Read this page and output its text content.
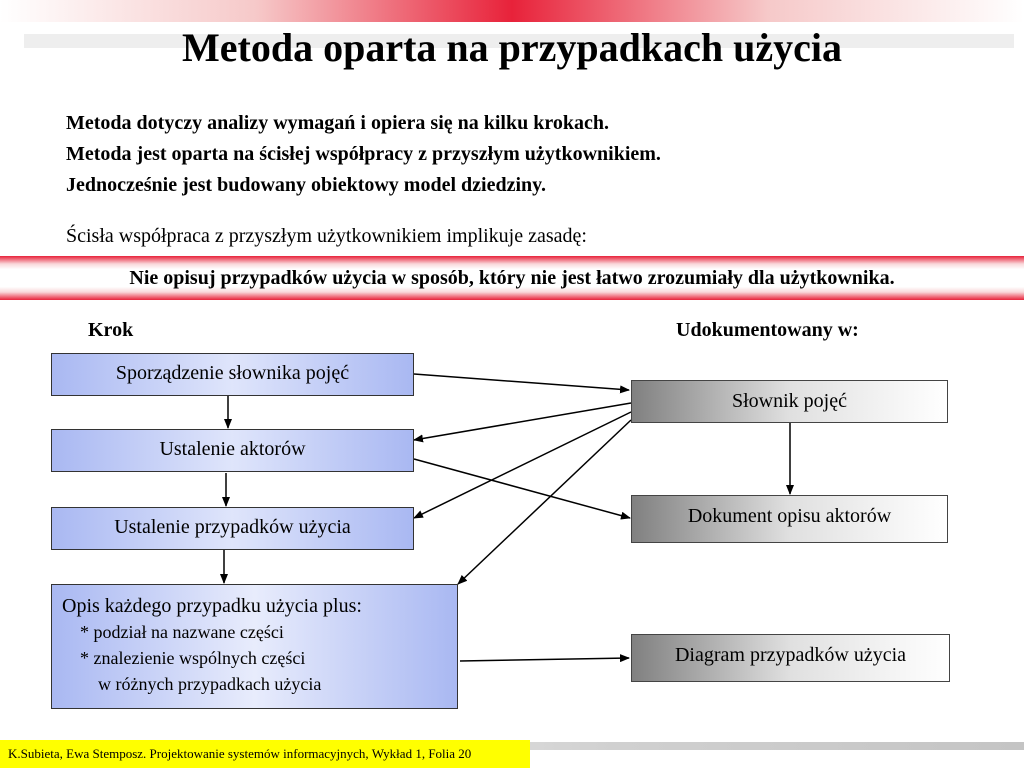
Metoda oparta na przypadkach użycia
Metoda dotyczy analizy wymagań i opiera się na kilku krokach.
Metoda jest oparta na ścisłej współpracy z przyszłym użytkownikiem.
Jednocześnie jest budowany obiektowy model dziedziny.
Ścisła współpraca z przyszłym użytkownikiem implikuje zasadę:
Nie opisuj przypadków użycia w sposób, który nie jest łatwo zrozumiały dla użytkownika.
Krok	Udokumentowany w:
Sporządzenie słownika pojęć
Ustalenie aktorów
Ustalenie przypadków użycia
Opis każdego przypadku użycia plus:
* podział na nazwane części
* znalezienie wspólnych części
w różnych przypadkach użycia
Słownik pojęć
Dokument opisu aktorów
Diagram przypadków użycia
K.Subieta, Ewa Stemposz. Projektowanie systemów informacyjnych, Wykład 1, Folia 20
